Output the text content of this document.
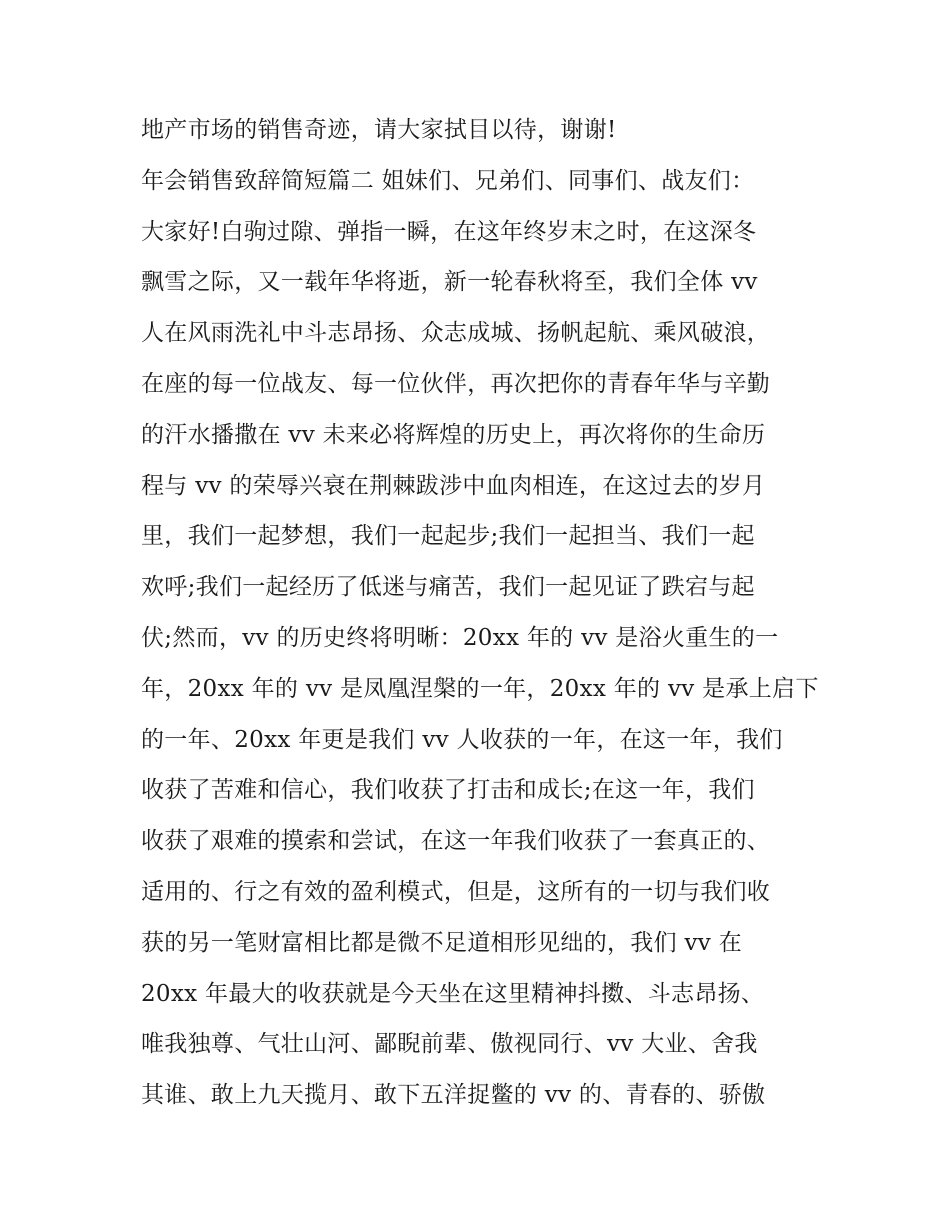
地产市场的销售奇迹，请大家拭目以待，谢谢!
年会销售致辞简短篇二 姐妹们、兄弟们、同事们、战友们：
大家好!白驹过隙、弹指一瞬，在这年终岁末之时，在这深冬
飘雪之际，又一载年华将逝，新一轮春秋将至，我们全体 vv
人在风雨洗礼中斗志昂扬、众志成城、扬帆起航、乘风破浪，
在座的每一位战友、每一位伙伴，再次把你的青春年华与辛勤
的汗水播撒在 vv 未来必将辉煌的历史上，再次将你的生命历
程与 vv 的荣辱兴衰在荆棘跋涉中血肉相连，在这过去的岁月
里，我们一起梦想，我们一起起步;我们一起担当、我们一起
欢呼;我们一起经历了低迷与痛苦，我们一起见证了跌宕与起
伏;然而，vv 的历史终将明晰：20xx 年的 vv 是浴火重生的一
年，20xx 年的 vv 是凤凰涅槃的一年，20xx 年的 vv 是承上启下
的一年、20xx 年更是我们 vv 人收获的一年，在这一年，我们
收获了苦难和信心，我们收获了打击和成长;在这一年，我们
收获了艰难的摸索和尝试，在这一年我们收获了一套真正的、
适用的、行之有效的盈利模式，但是，这所有的一切与我们收
获的另一笔财富相比都是微不足道相形见绌的，我们 vv 在
20xx 年最大的收获就是今天坐在这里精神抖擞、斗志昂扬、
唯我独尊、气壮山河、鄙睨前辈、傲视同行、vv 大业、舍我
其谁、敢上九天揽月、敢下五洋捉鳖的 vv 的、青春的、骄傲
